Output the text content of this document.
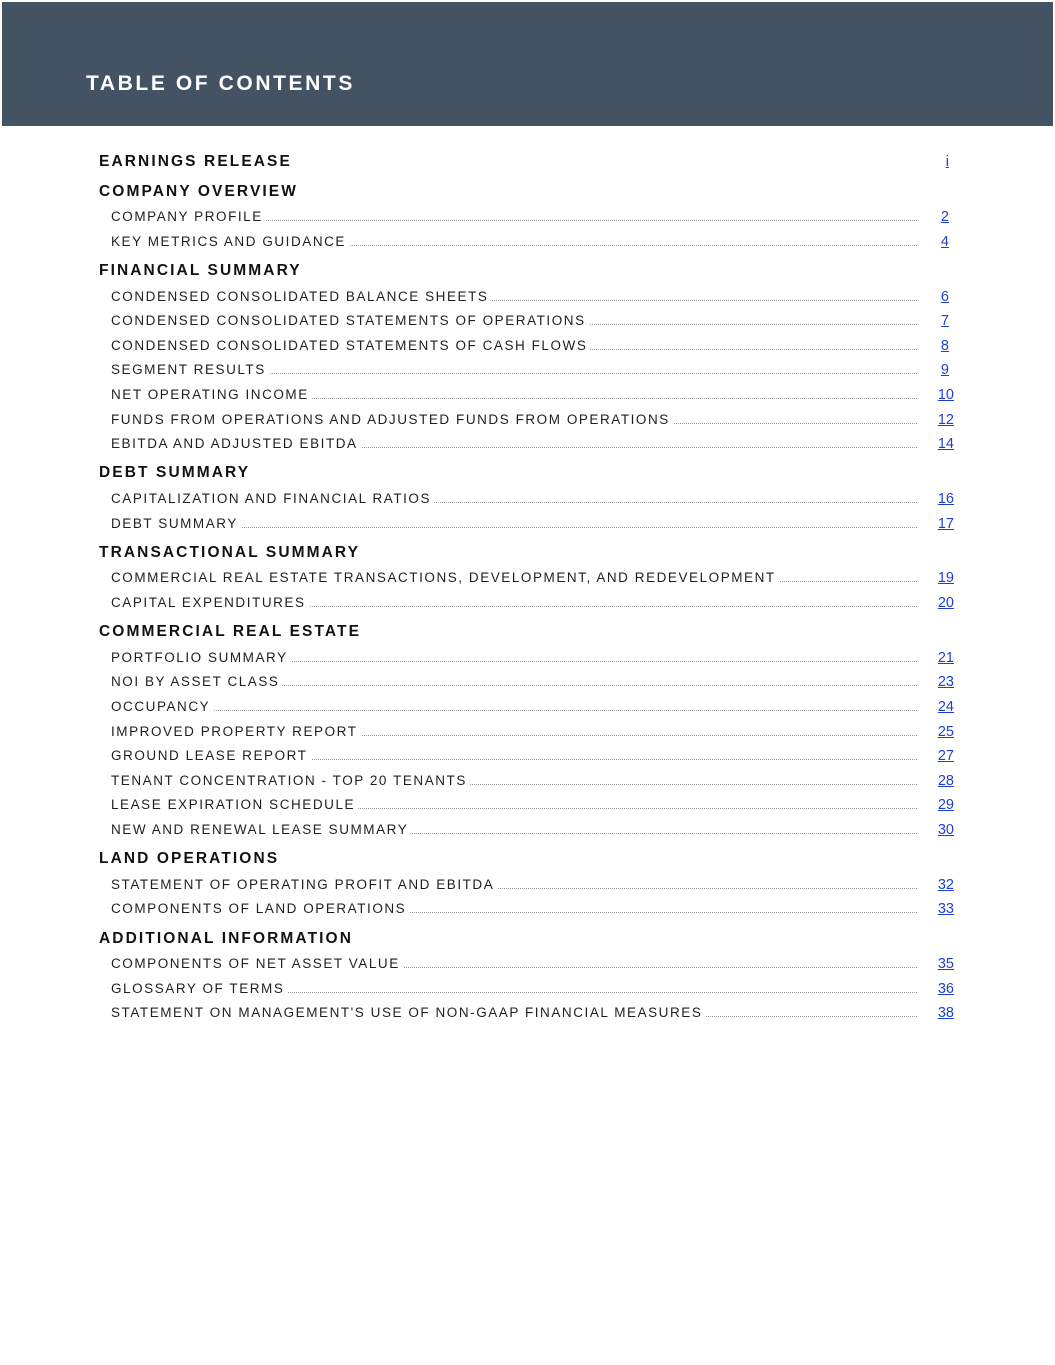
TABLE OF CONTENTS
EARNINGS RELEASE	i
COMPANY OVERVIEW
COMPANY PROFILE	2
KEY METRICS AND GUIDANCE	4
FINANCIAL SUMMARY
CONDENSED CONSOLIDATED BALANCE SHEETS	6
CONDENSED CONSOLIDATED STATEMENTS OF OPERATIONS	7
CONDENSED CONSOLIDATED STATEMENTS OF CASH FLOWS	8
SEGMENT RESULTS	9
NET OPERATING INCOME	10
FUNDS FROM OPERATIONS AND ADJUSTED FUNDS FROM OPERATIONS	12
EBITDA AND ADJUSTED EBITDA	14
DEBT SUMMARY
CAPITALIZATION AND FINANCIAL RATIOS	16
DEBT SUMMARY	17
TRANSACTIONAL SUMMARY
COMMERCIAL REAL ESTATE TRANSACTIONS, DEVELOPMENT, AND REDEVELOPMENT	19
CAPITAL EXPENDITURES	20
COMMERCIAL REAL ESTATE
PORTFOLIO SUMMARY	21
NOI BY ASSET CLASS	23
OCCUPANCY	24
IMPROVED PROPERTY REPORT	25
GROUND LEASE REPORT	27
TENANT CONCENTRATION - TOP 20 TENANTS	28
LEASE EXPIRATION SCHEDULE	29
NEW AND RENEWAL LEASE SUMMARY	30
LAND OPERATIONS
STATEMENT OF OPERATING PROFIT AND EBITDA	32
COMPONENTS OF LAND OPERATIONS	33
ADDITIONAL INFORMATION
COMPONENTS OF NET ASSET VALUE	35
GLOSSARY OF TERMS	36
STATEMENT ON MANAGEMENT'S USE OF NON-GAAP FINANCIAL MEASURES	38
